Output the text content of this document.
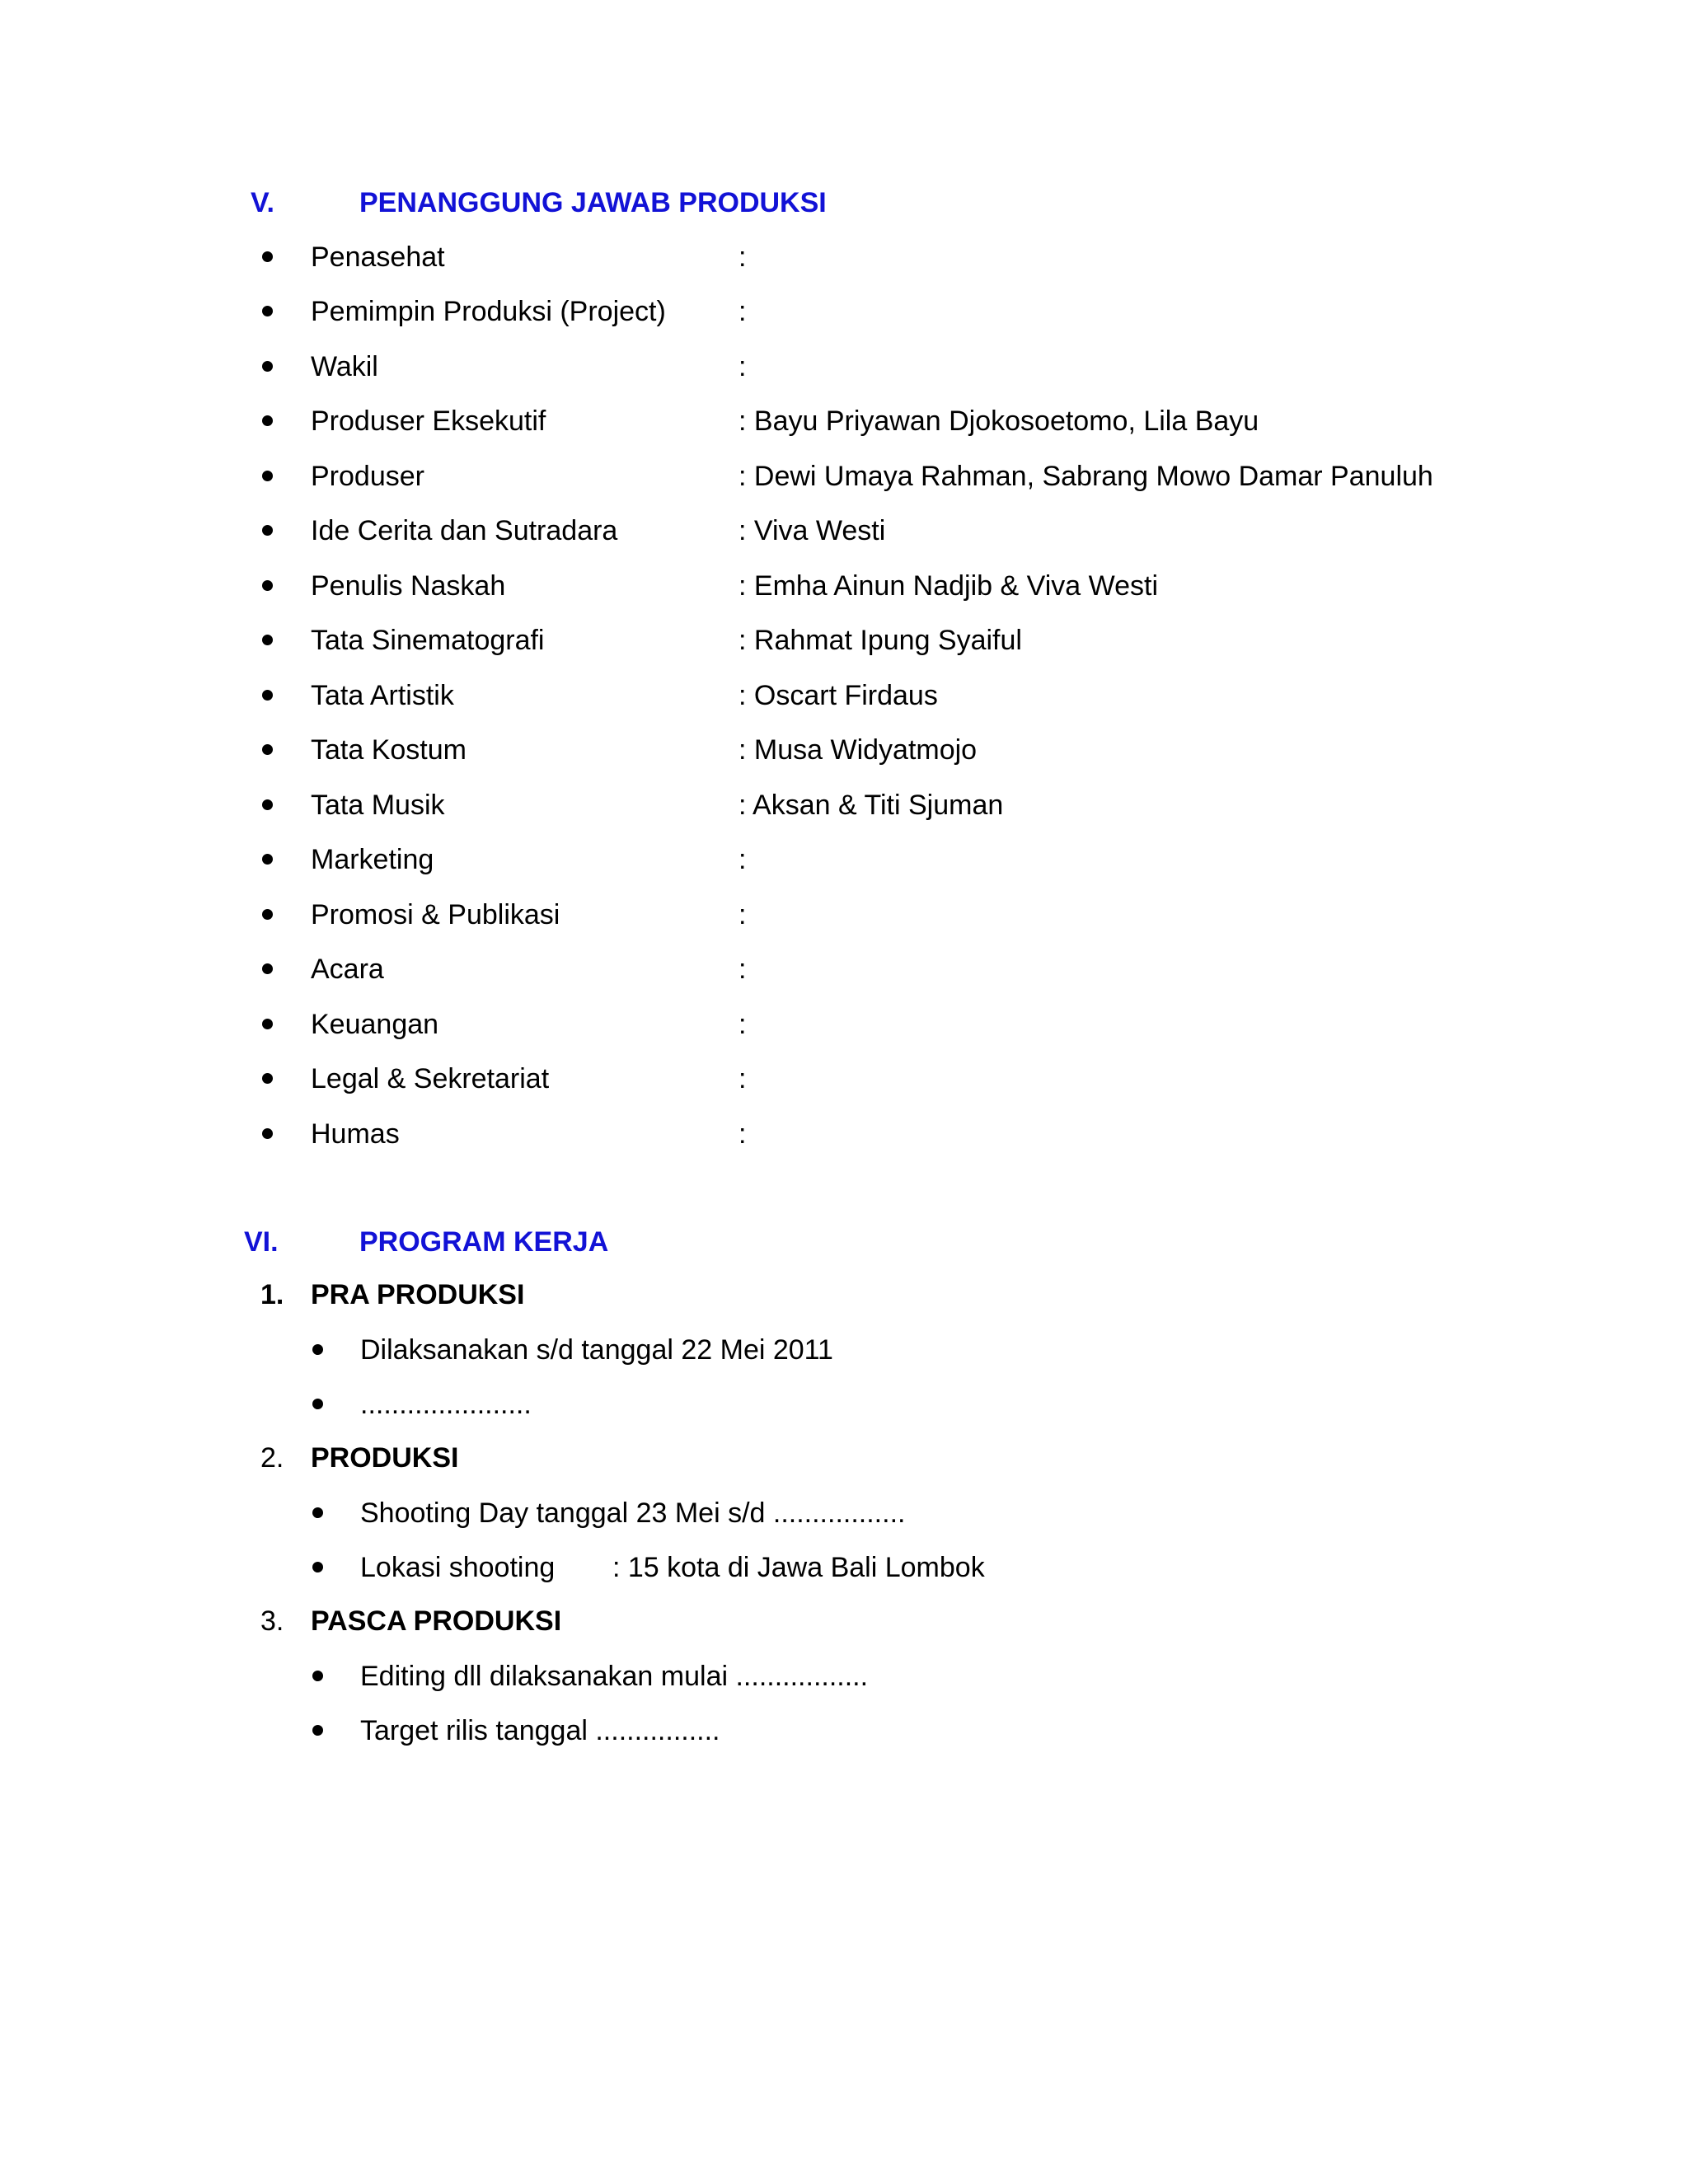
V.	PENANGGUNG JAWAB PRODUKSI
Penasehat	:
Pemimpin Produksi (Project)	:
Wakil	:
Produser Eksekutif	: Bayu Priyawan Djokosoetomo, Lila Bayu
Produser	: Dewi Umaya Rahman, Sabrang Mowo Damar Panuluh
Ide Cerita dan Sutradara	: Viva Westi
Penulis Naskah	: Emha Ainun Nadjib & Viva Westi
Tata Sinematografi	: Rahmat Ipung Syaiful
Tata Artistik	: Oscart Firdaus
Tata Kostum	: Musa Widyatmojo
Tata Musik	: Aksan & Titi Sjuman
Marketing	:
Promosi & Publikasi	:
Acara	:
Keuangan	:
Legal & Sekretariat	:
Humas	:
VI.	PROGRAM KERJA
1. PRA PRODUKSI
Dilaksanakan s/d tanggal 22 Mei 2011
......................
2. PRODUKSI
Shooting Day tanggal 23 Mei s/d .................
Lokasi shooting : 15 kota di Jawa Bali Lombok
3. PASCA PRODUKSI
Editing dll dilaksanakan mulai .................
Target rilis tanggal ................
